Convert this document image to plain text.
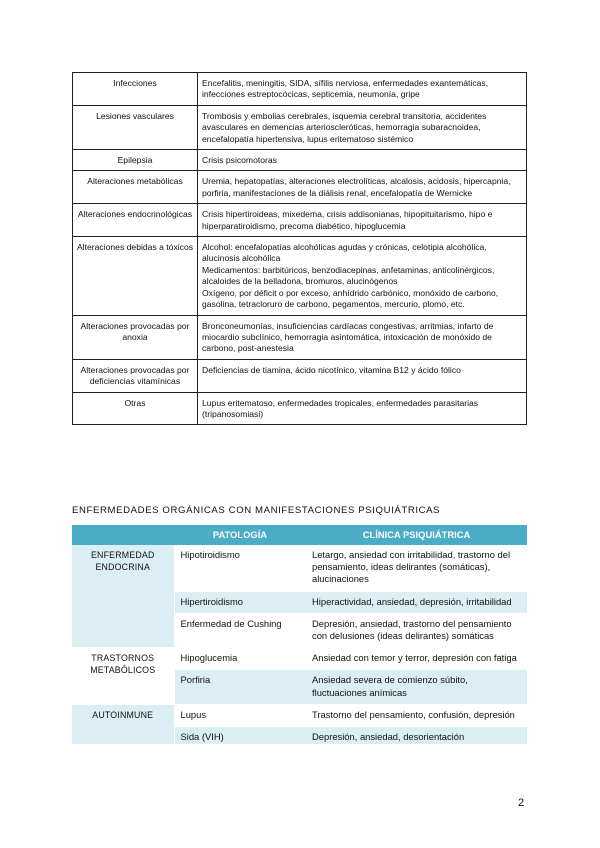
Infecciones	Encefalitis, meningitis, SIDA, sífilis nerviosa, enfermedades exantemáticas, infecciones estreptocócicas, septicemia, neumonía, gripe
Lesiones vasculares	Trombosis y embolias cerebrales, isquemia cerebral transitoria, accidentes avasculares en demencias arterioscleróticas, hemorragia subaracnoidea, encefalopatía hipertensiva, lupus eritematoso sistémico
Epilepsia	Crisis psicomotoras
Alteraciones metabólicas	Uremia, hepatopatías, alteraciones electrolíticas, alcalosis, acidosis, hipercapnia, porfiria, manifestaciones de la diálisis renal, encefalopatía de Wernicke
Alteraciones endocrinológicas	Crisis hipertiroideas, mixedema, crisis addisonianas, hipopituitarismo, hipo e hiperparatiroidismo, precoma diabético, hipoglucemia
Alteraciones debidas a tóxicos	Alcohol: encefalopatías alcohólicas agudas y crónicas, celotipia alcohólica, alucinosis alcohólica
Medicamentos: barbitúricos, benzodiacepinas, anfetaminas, anticolinérgicos, alcaloides de la belladona, bromuros, alucinógenos
Oxígeno, por déficit o por exceso, anhídrido carbónico, monóxido de carbono, gasolina, tetracloruro de carbono, pegamentos, mercurio, plomo, etc.

Alteraciones provocadas por anoxia	Bronconeumonías, insuficiencias cardíacas congestivas, arritmias, infarto de miocardio subclínico, hemorragia asintomática, intoxicación de monóxido de carbono, post-anestesia
Alteraciones provocadas por deficiencias vitamínicas	Deficiencias de tiamina, ácido nicotínico, vitamina B12 y ácido fólico
Otras	Lupus eritematoso, enfermedades tropicales, enfermedades parasitarias (tripanosomiasi)
ENFERMEDADES ORGÁNICAS CON MANIFESTACIONES PSIQUIÁTRICAS
	PATOLOGÍA	CLÍNICA PSIQUIÁTRICA
ENFERMEDAD ENDOCRINA	Hipotiroidismo	Letargo, ansiedad con irritabilidad, trastorno del pensamiento, ideas delirantes (somáticas), alucinaciones
	Hipertiroidismo	Hiperactividad, ansiedad, depresión, irritabilidad
	Enfermedad de Cushing	Depresión, ansiedad, trastorno del pensamiento con delusiones (ideas delirantes) somáticas
TRASTORNOS METABÓLICOS	Hipoglucemia	Ansiedad con temor y terror, depresión con fatiga
	Porfiria	Ansiedad severa de comienzo súbito, fluctuaciones anímicas
AUTOINMUNE	Lupus	Trastorno del pensamiento, confusión, depresión
	Sida (VIH)	Depresión, ansiedad, desorientación
2
